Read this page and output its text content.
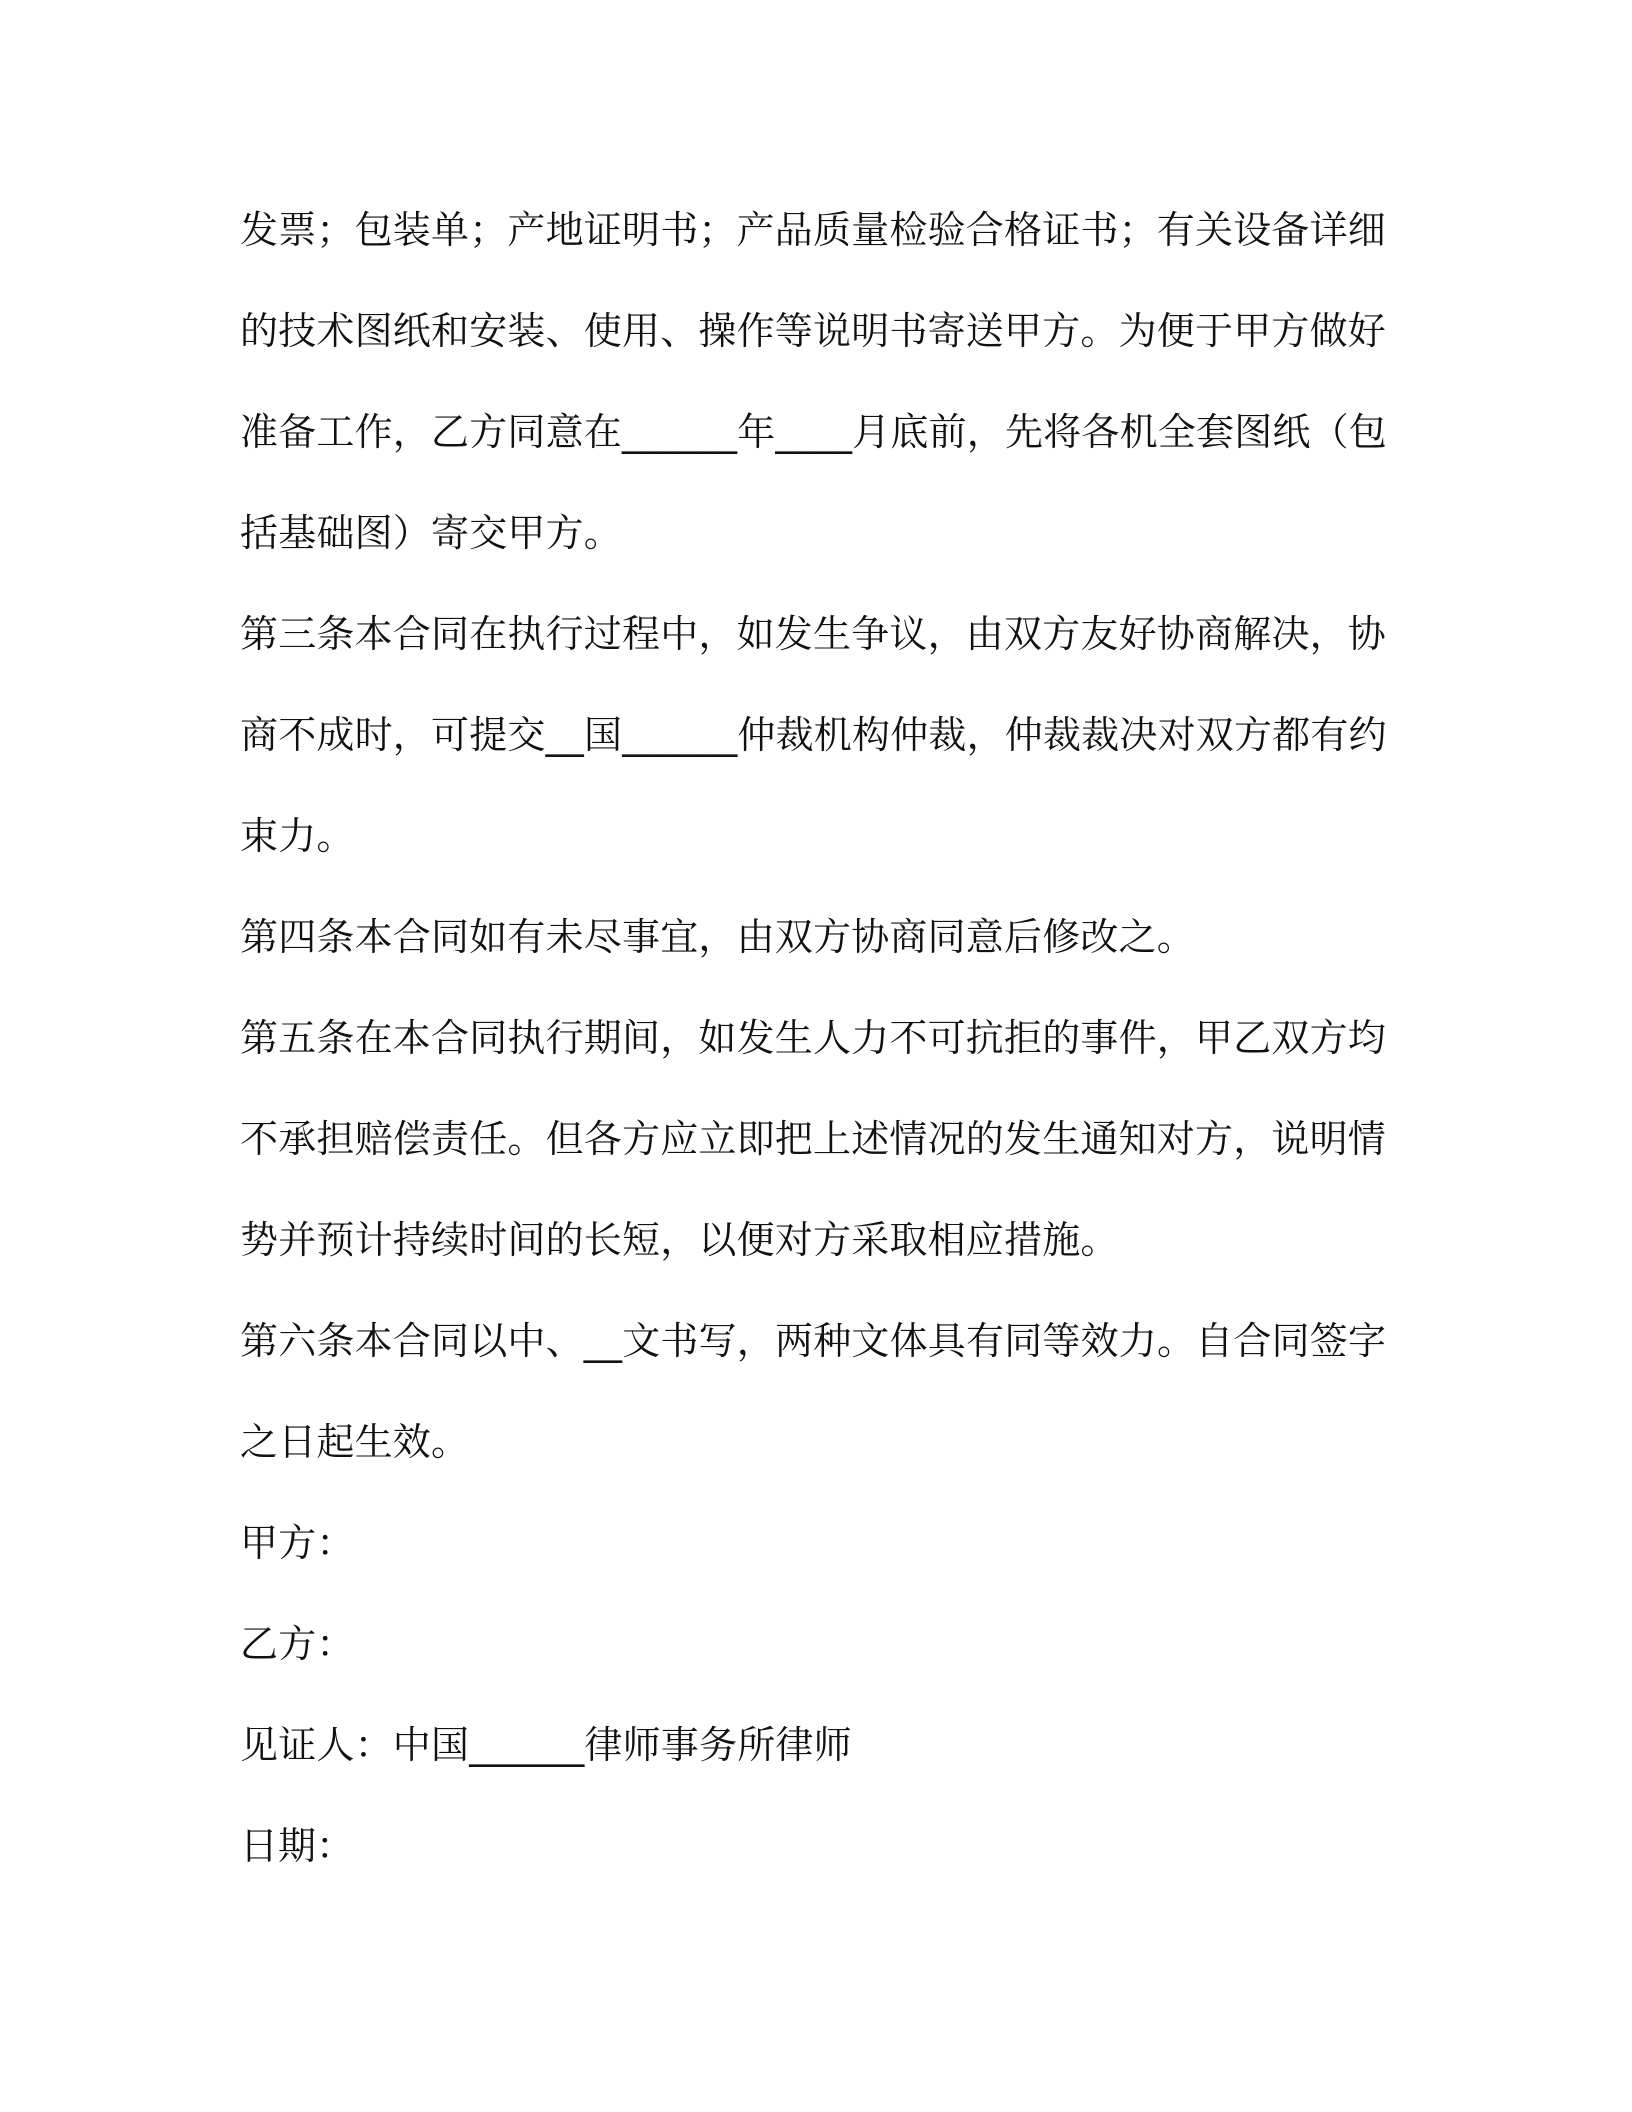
发票；包装单；产地证明书；产品质量检验合格证书；有关设备详细
的技术图纸和安装、使用、操作等说明书寄送甲方。为便于甲方做好
准备工作，乙方同意在______年____月底前，先将各机全套图纸（包
括基础图）寄交甲方。
第三条本合同在执行过程中，如发生争议，由双方友好协商解决，协
商不成时，可提交__国______仲裁机构仲裁，仲裁裁决对双方都有约
束力。
第四条本合同如有未尽事宜，由双方协商同意后修改之。
第五条在本合同执行期间，如发生人力不可抗拒的事件，甲乙双方均
不承担赔偿责任。但各方应立即把上述情况的发生通知对方，说明情
势并预计持续时间的长短，以便对方采取相应措施。
第六条本合同以中、__文书写，两种文体具有同等效力。自合同签字
之日起生效。
甲方：
乙方：
见证人：中国______律师事务所律师
日期：
